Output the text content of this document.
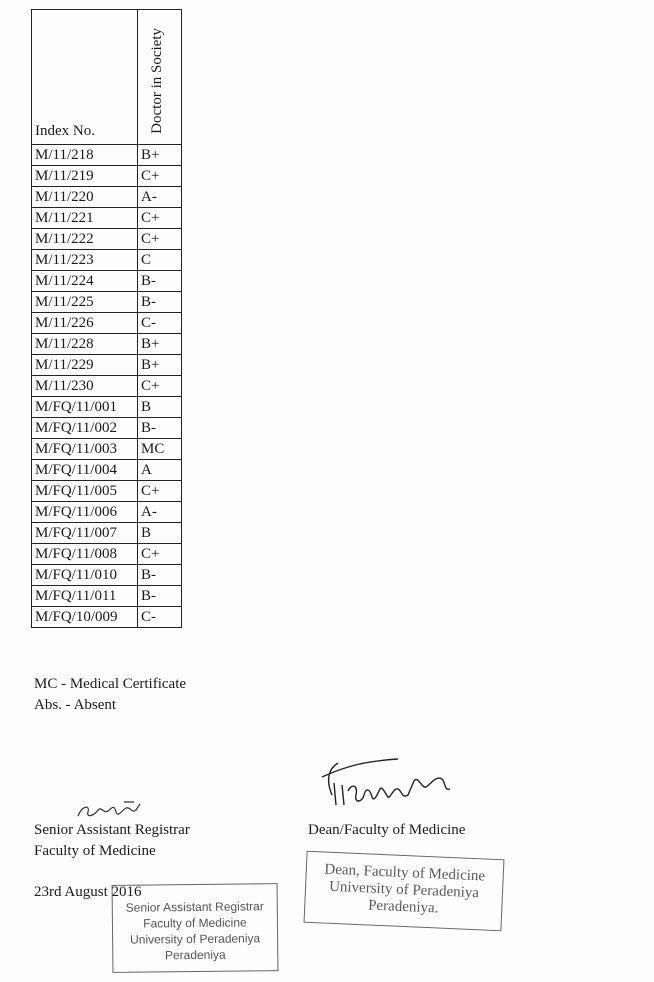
Index No.	Doctor in Society
M/11/218	B+
M/11/219	C+
M/11/220	A-
M/11/221	C+
M/11/222	C+
M/11/223	C
M/11/224	B-
M/11/225	B-
M/11/226	C-
M/11/228	B+
M/11/229	B+
M/11/230	C+
M/FQ/11/001	B
M/FQ/11/002	B-
M/FQ/11/003	MC
M/FQ/11/004	A
M/FQ/11/005	C+
M/FQ/11/006	A-
M/FQ/11/007	B
M/FQ/11/008	C+
M/FQ/11/010	B-
M/FQ/11/011	B-
M/FQ/10/009	C-
MC - Medical Certificate
Abs. - Absent
Senior Assistant Registrar
Faculty of Medicine
Dean/Faculty of Medicine
23rd August 2016
Senior Assistant Registrar
Faculty of Medicine
University of Peradeniya
Peradeniya
Dean, Faculty of Medicine
University of Peradeniya
Peradeniya.
